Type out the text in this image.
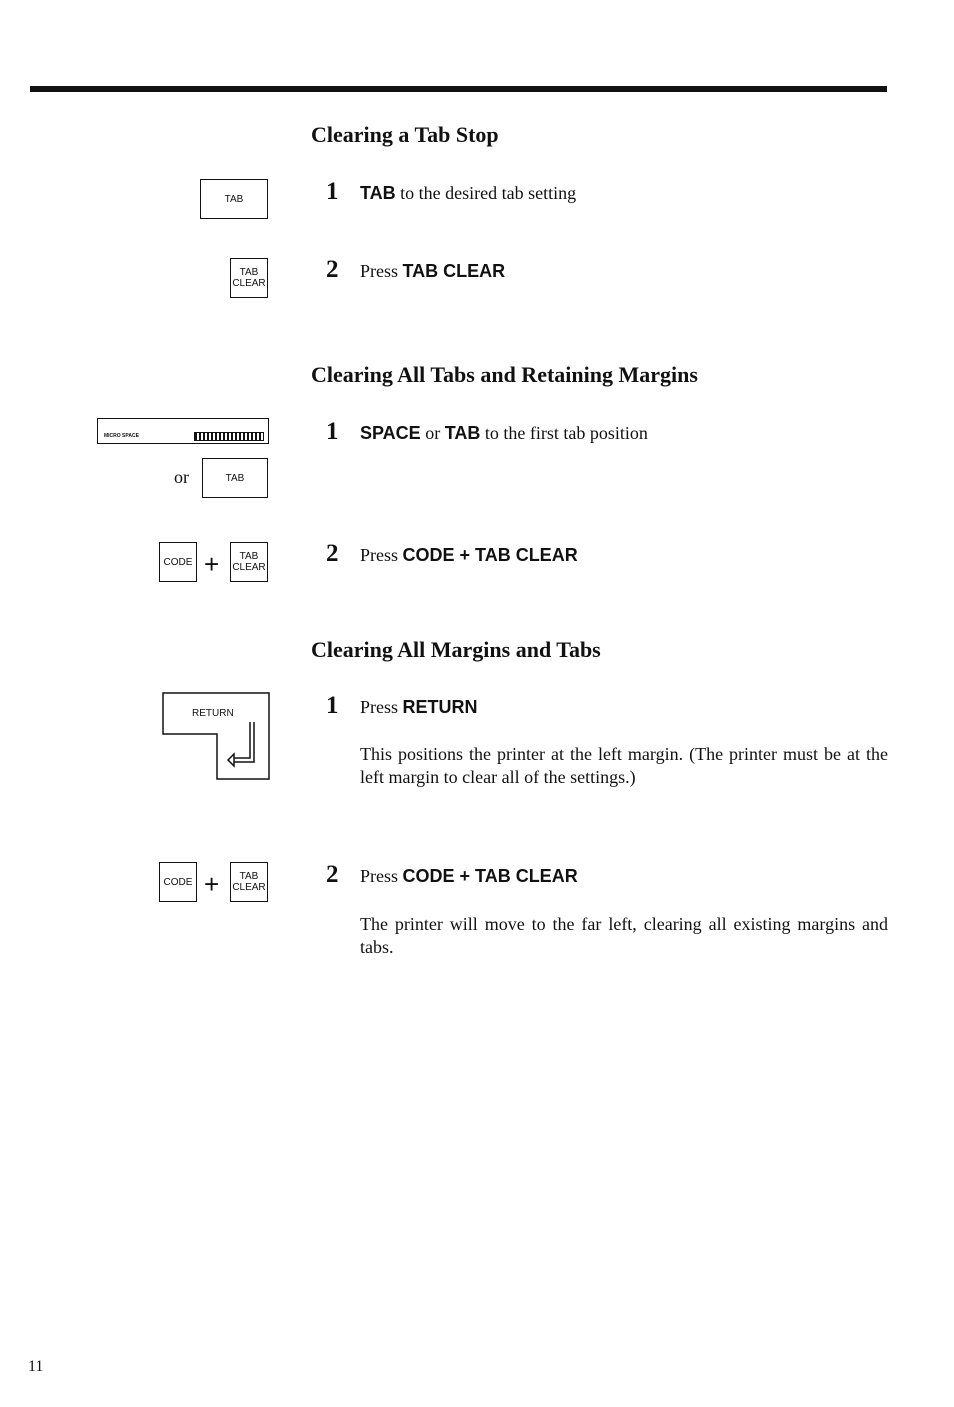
Clearing a Tab Stop
TAB	1 TAB to the desired tab setting
TAB
CLEAR
2 Press TAB CLEAR
Clearing All Tabs and Retaining Margins
MICRO SPACE
or	TAB
1 SPACE or TAB to the first tab position
CODE + TAB
CLEAR
2 Press CODE + TAB CLEAR
Clearing All Margins and Tabs
RETURN	1 Press RETURN
This positions the printer at the left margin. (The printer must be at the left margin to clear all of the settings.)
CODE + TAB
CLEAR 2 Press CODE + TAB CLEAR
The printer will move to the far left, clearing all existing margins and tabs.
11
